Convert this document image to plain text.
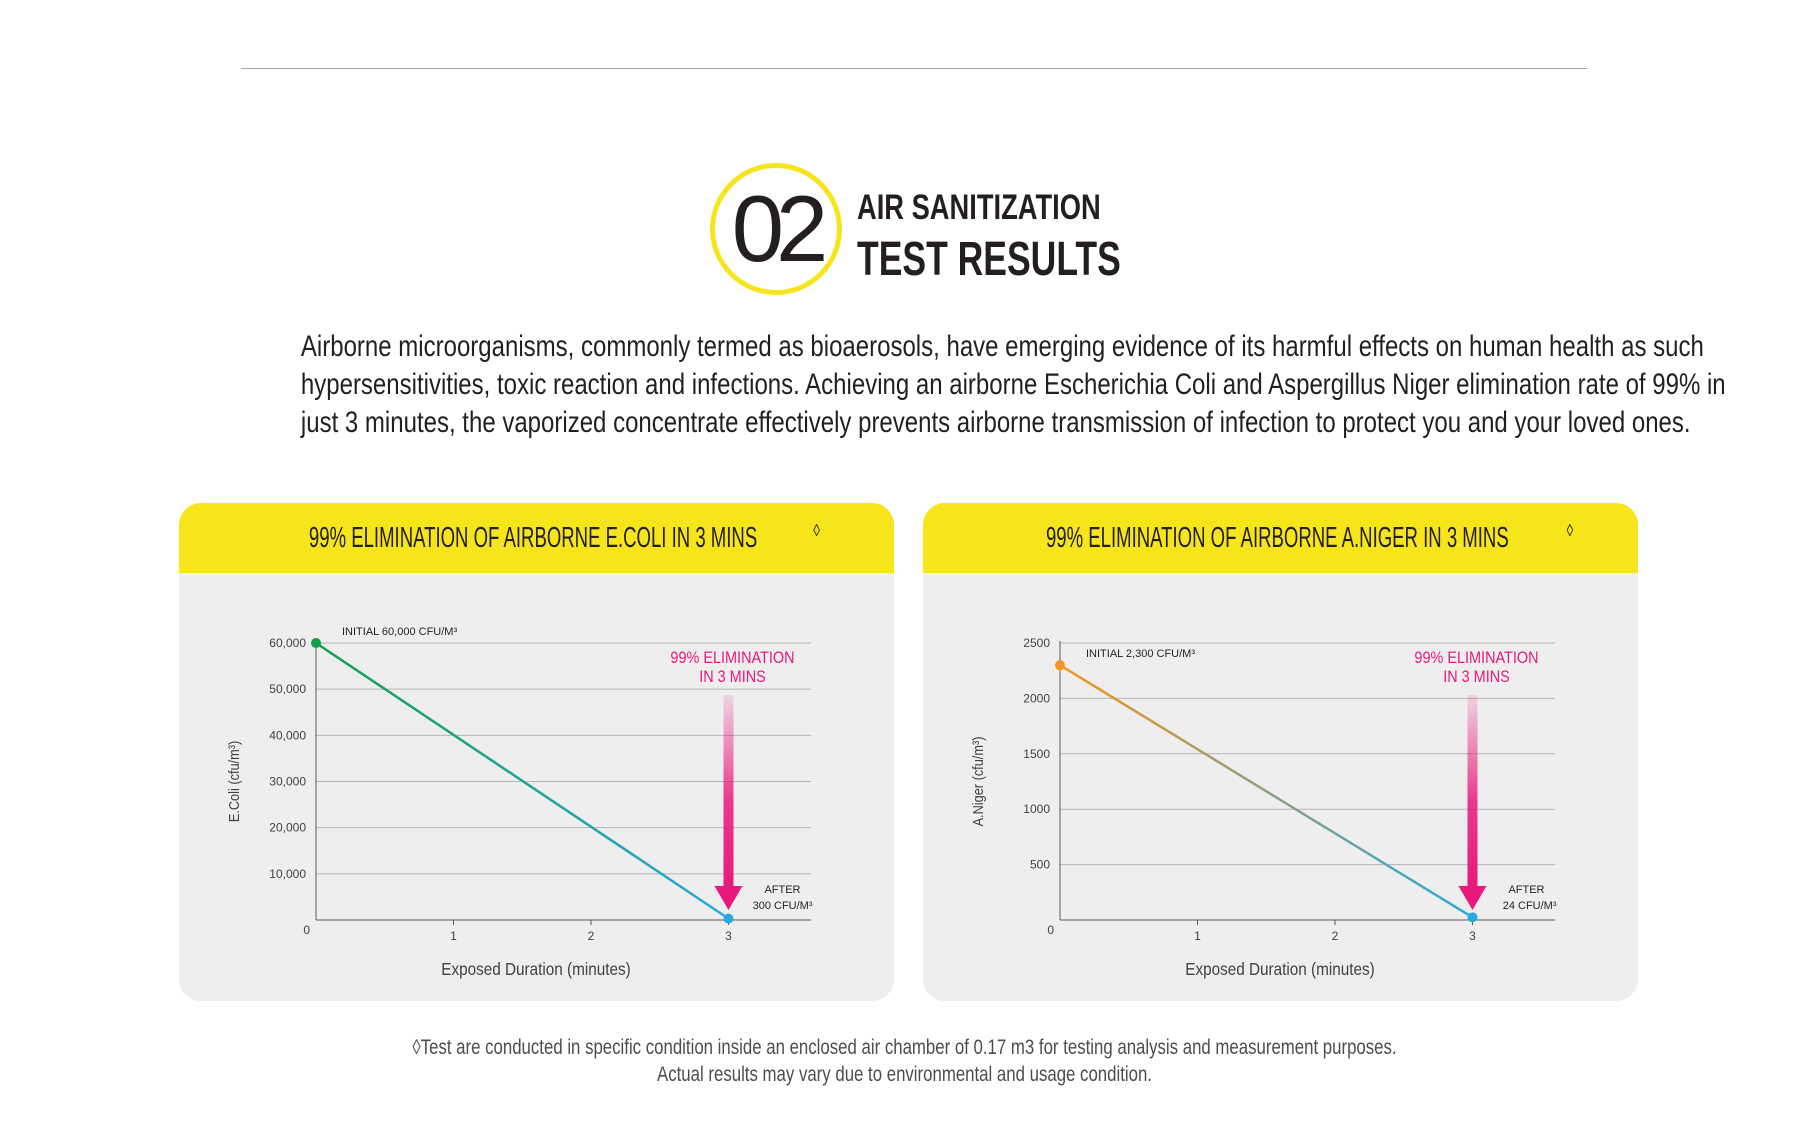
02	AIR SANITIZATION
TEST RESULTS
Airborne microorganisms, commonly termed as bioaerosols, have emerging evidence of its harmful effects on human health as such
hypersensitivities, toxic reaction and infections. Achieving an airborne Escherichia Coli and Aspergillus Niger elimination rate of 99% in
just 3 minutes, the vaporized concentrate effectively prevents airborne transmission of infection to protect you and your loved ones.
99% ELIMINATION OF AIRBORNE E.COLI IN 3 MINS	◊
10,000
20,000
30,000
40,000
50,000
60,000
0	1	2	3
Exposed Duration (minutes)
E.Coli (cfu/m³)
99% ELIMINATION
IN 3 MINS
INITIAL 60,000 CFU/M³
AFTER
300 CFU/M³
99% ELIMINATION OF AIRBORNE A.NIGER IN 3 MINS	◊
500
1000
1500
2000
2500
0	1	2	3
Exposed Duration (minutes)
A.Niger (cfu/m³)
99% ELIMINATION
IN 3 MINS
INITIAL 2,300 CFU/M³
AFTER
24 CFU/M³
◊Test are conducted in specific condition inside an enclosed air chamber of 0.17 m3 for testing analysis and measurement purposes.
Actual results may vary due to environmental and usage condition.
